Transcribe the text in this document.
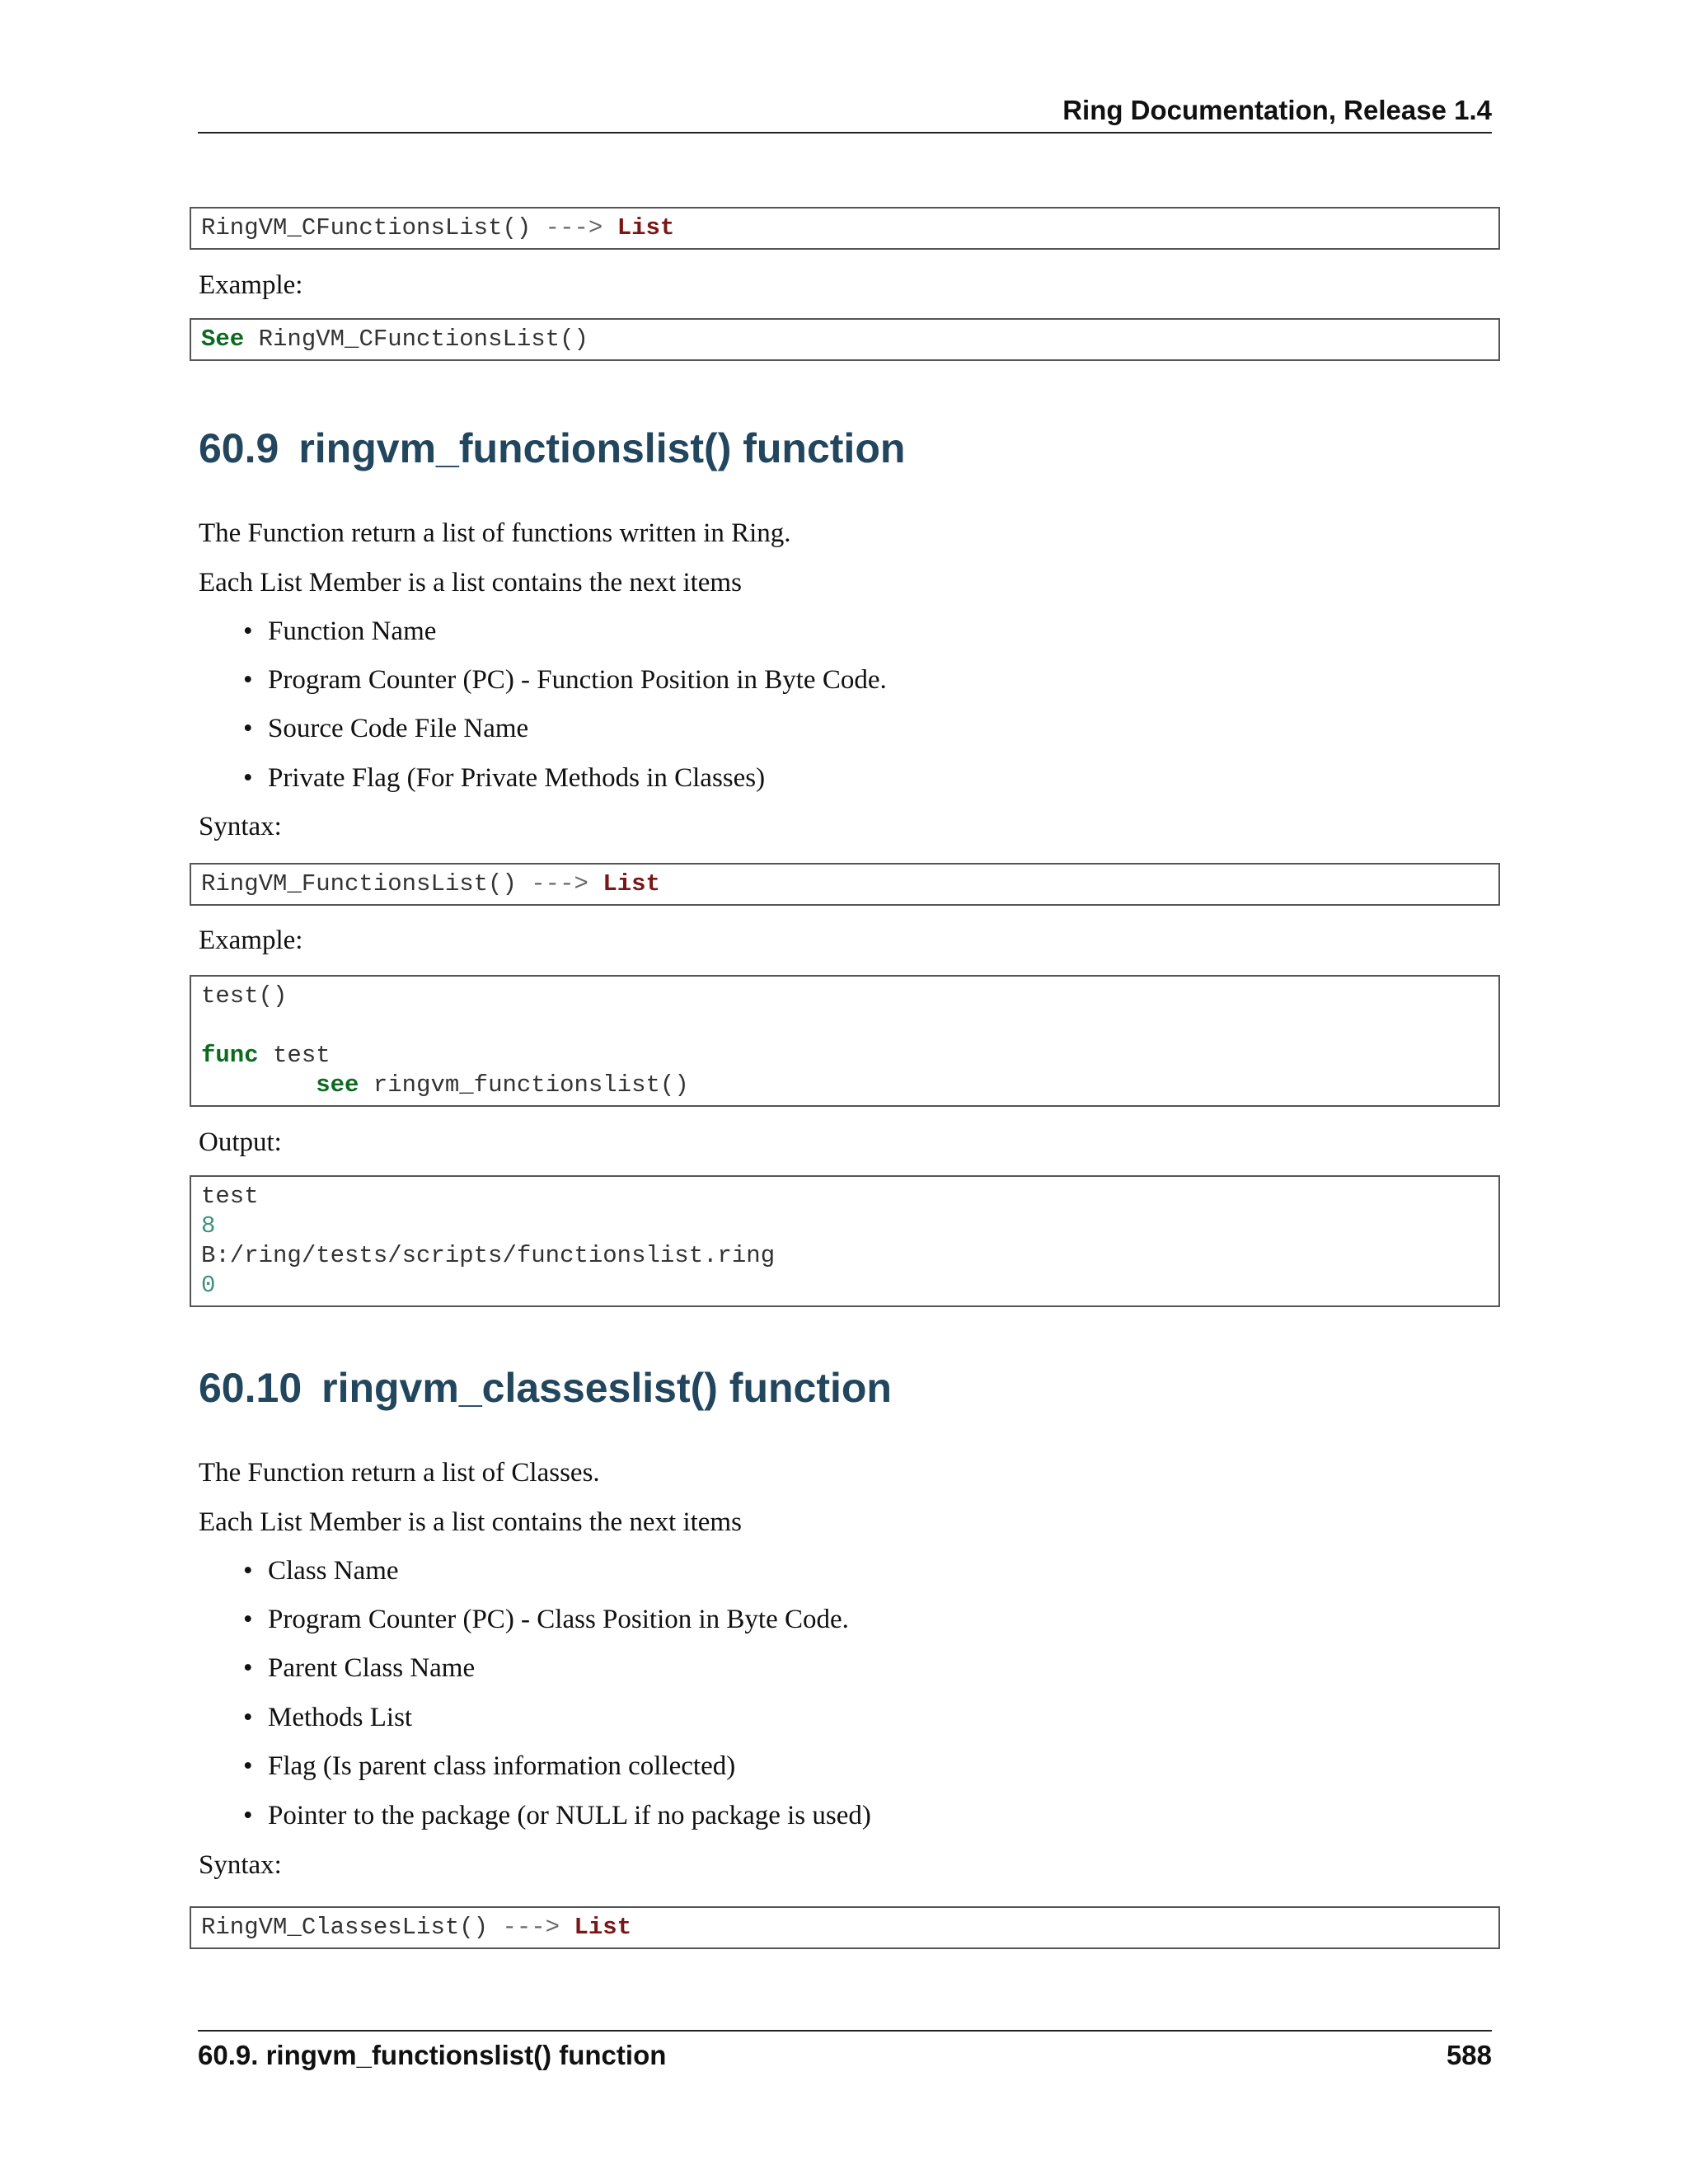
Ring Documentation, Release 1.4
RingVM_CFunctionsList() ---> List
Example:
See RingVM_CFunctionsList()
60.9 ringvm_functionslist() function
The Function return a list of functions written in Ring.
Each List Member is a list contains the next items
• Function Name
• Program Counter (PC) - Function Position in Byte Code.
• Source Code File Name
• Private Flag (For Private Methods in Classes)
Syntax:
RingVM_FunctionsList() ---> List
Example:
test()
func test
see ringvm_functionslist()
Output:
test
8
B:/ring/tests/scripts/functionslist.ring
0
60.10 ringvm_classeslist() function
The Function return a list of Classes.
Each List Member is a list contains the next items
• Class Name
• Program Counter (PC) - Class Position in Byte Code.
• Parent Class Name
• Methods List
• Flag (Is parent class information collected)
• Pointer to the package (or NULL if no package is used)
Syntax:
RingVM_ClassesList() ---> List
60.9. ringvm_functionslist() function	588
